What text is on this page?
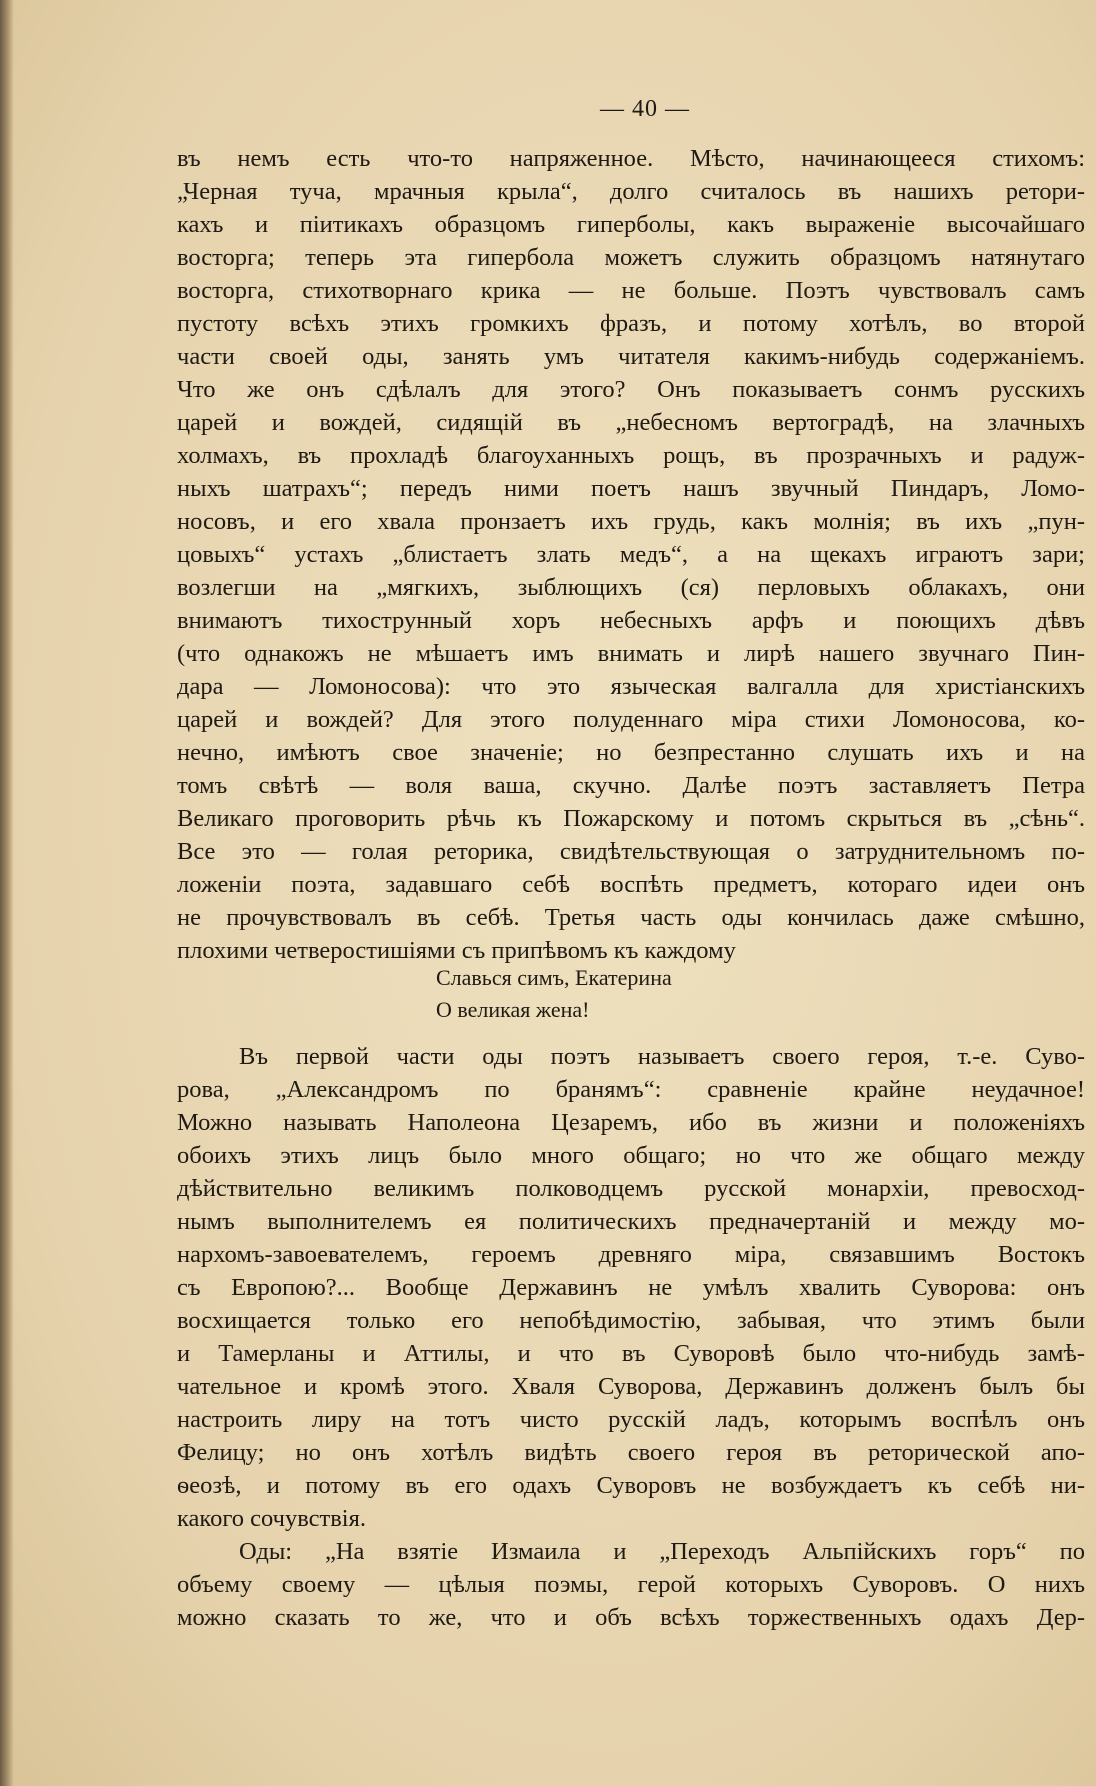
— 40 —
въ немъ есть что-то напряженное. Мѣсто, начинающееся стихомъ:
„Черная туча, мрачныя крыла“, долго считалось въ нашихъ ретори-
кахъ и пiитикахъ образцомъ гиперболы, какъ выраженiе высочайшаго
восторга; теперь эта гипербола можетъ служить образцомъ натянутаго
восторга, стихотворнаго крика — не больше. Поэтъ чувствовалъ самъ
пустоту всѣхъ этихъ громкихъ фразъ, и потому хотѣлъ, во второй
части своей оды, занять умъ читателя какимъ-нибудь содержанiемъ.
Что же онъ сдѣлалъ для этого? Онъ показываетъ сонмъ русскихъ
царей и вождей, сидящiй въ „небесномъ вертоградѣ, на злачныхъ
холмахъ, въ прохладѣ благоуханныхъ рощъ, въ прозрачныхъ и радуж-
ныхъ шатрахъ“; передъ ними поетъ нашъ звучный Пиндаръ, Ломо-
носовъ, и его хвала пронзаетъ ихъ грудь, какъ молнiя; въ ихъ „пун-
цовыхъ“ устахъ „блистаетъ злать медъ“, а на щекахъ играютъ зари;
возлегши на „мягкихъ, зыблющихъ (ся) перловыхъ облакахъ, они
внимаютъ тихострунный хоръ небесныхъ арфъ и поющихъ дѣвъ
(что однакожъ не мѣшаетъ имъ внимать и лирѣ нашего звучнаго Пин-
дара — Ломоносова): что это языческая валгалла для христiанскихъ
царей и вождей? Для этого полуденнаго мiра стихи Ломоносова, ко-
нечно, имѣютъ свое значенiе; но безпрестанно слушать ихъ и на
томъ свѣтѣ — воля ваша, скучно. Далѣе поэтъ заставляетъ Петра
Великаго проговорить рѣчь къ Пожарскому и потомъ скрыться въ „сѣнь“.
Все это — голая реторика, свидѣтельствующая о затруднительномъ по-
ложенiи поэта, задавшаго себѣ воспѣть предметъ, котораго идеи онъ
не прочувствовалъ въ себѣ. Третья часть оды кончилась даже смѣшно,
плохими четверостишiями съ припѣвомъ къ каждому
Славься симъ, Екатерина
О великая жена!
Въ первой части оды поэтъ называетъ своего героя, т.-е. Суво-
рова, „Александромъ по бранямъ“: сравненiе крайне неудачное!
Можно называть Наполеона Цезаремъ, ибо въ жизни и положенiяхъ
обоихъ этихъ лицъ было много общаго; но что же общаго между
дѣйствительно великимъ полководцемъ русской монархiи, превосход-
нымъ выполнителемъ ея политическихъ предначертанiй и между мо-
нархомъ-завоевателемъ, героемъ древняго мiра, связавшимъ Востокъ
съ Европою?... Вообще Державинъ не умѣлъ хвалить Суворова: онъ
восхищается только его непобѣдимостiю, забывая, что этимъ были
и Тамерланы и Аттилы, и что въ Суворовѣ было что-нибудь замѣ-
чательное и кромѣ этого. Хваля Суворова, Державинъ долженъ былъ бы
настроить лиру на тотъ чисто русскiй ладъ, которымъ воспѣлъ онъ
Фелицу; но онъ хотѣлъ видѣть своего героя въ реторической апо-
ѳеозѣ, и потому въ его одахъ Суворовъ не возбуждаетъ къ себѣ ни-
какого сочувствiя.
Оды: „На взятiе Измаила и „Переходъ Альпiйскихъ горъ“ по
объему своему — цѣлыя поэмы, герой которыхъ Суворовъ. О нихъ
можно сказать то же, что и объ всѣхъ торжественныхъ одахъ Дер-
